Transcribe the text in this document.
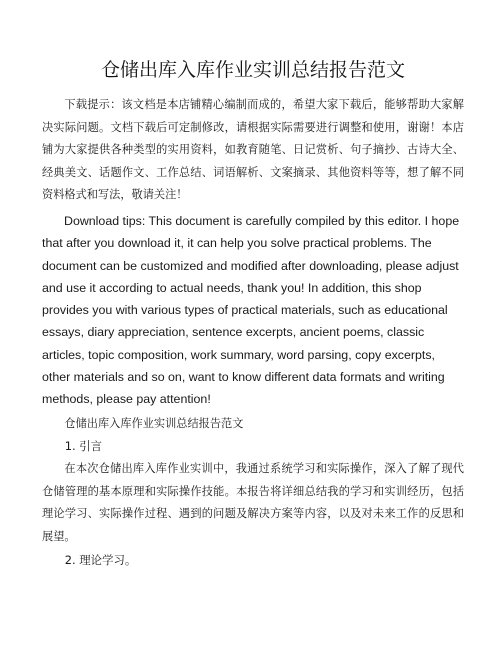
仓储出库入库作业实训总结报告范文

下载提示：该文档是本店铺精心编制而成的，希望大家下载后，能够帮助大家解决实际问题。文档下载后可定制修改，请根据实际需要进行调整和使用，谢谢！本店铺为大家提供各种类型的实用资料，如教育随笔、日记赏析、句子摘抄、古诗大全、经典美文、话题作文、工作总结、词语解析、文案摘录、其他资料等等，想了解不同资料格式和写法，敬请关注！

Download tips: This document is carefully compiled by this editor. I hope that after you download it, it can help you solve practical problems. The document can be customized and modified after downloading, please adjust and use it according to actual needs, thank you! In addition, this shop provides you with various types of practical materials, such as educational essays, diary appreciation, sentence excerpts, ancient poems, classic articles, topic composition, work summary, word parsing, copy excerpts, other materials and so on, want to know different data formats and writing methods, please pay attention!

仓储出库入库作业实训总结报告范文

1. 引言

在本次仓储出库入库作业实训中，我通过系统学习和实际操作，深入了解了现代仓储管理的基本原理和实际操作技能。本报告将详细总结我的学习和实训经历，包括理论学习、实际操作过程、遇到的问题及解决方案等内容，以及对未来工作的反思和展望。

2. 理论学习。
